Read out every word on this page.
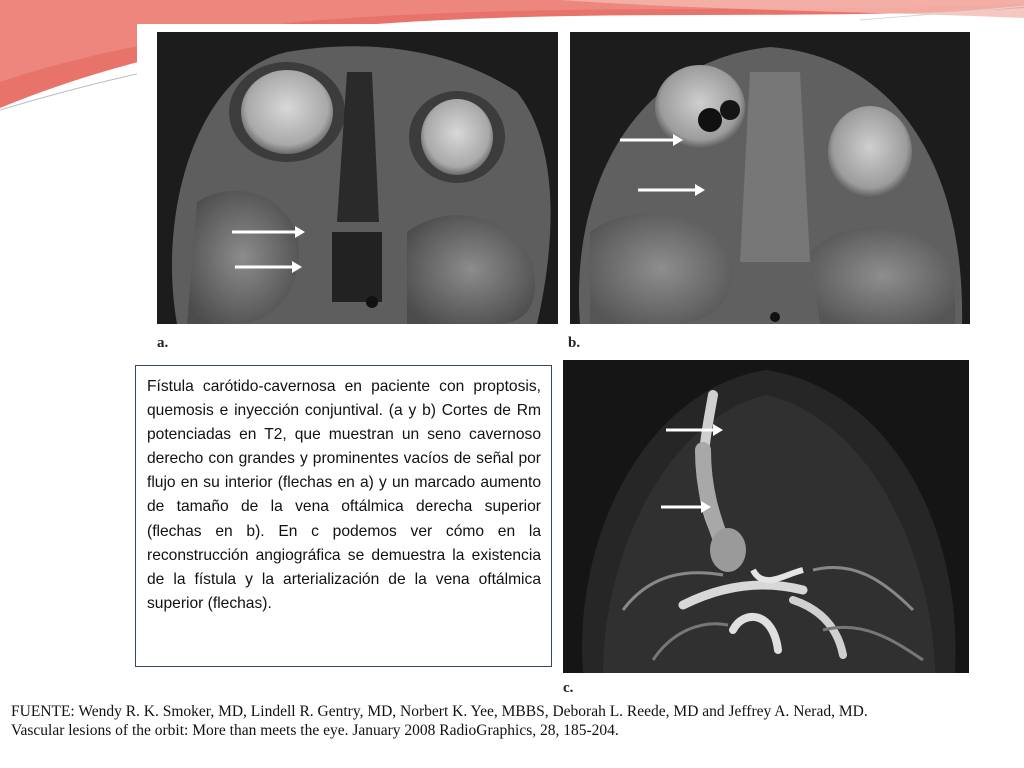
a.	b.
c.

Fístula carótido-cavernosa en paciente con proptosis, quemosis e inyección conjuntival. (a y b) Cortes de Rm potenciadas en T2, que muestran un seno cavernoso derecho con grandes y prominentes vacíos de señal por flujo en su interior (flechas en a) y un marcado aumento de tamaño de la vena oftálmica derecha superior (flechas en b). En c podemos ver cómo en la reconstrucción angiográfica se demuestra la existencia de la fístula y la arterialización de la vena oftálmica superior (flechas).

FUENTE: Wendy R. K. Smoker, MD, Lindell R. Gentry, MD, Norbert K. Yee, MBBS, Deborah L. Reede, MD and Jeffrey A. Nerad, MD.
Vascular lesions of the orbit: More than meets the eye. January 2008 RadioGraphics, 28, 185-204.
